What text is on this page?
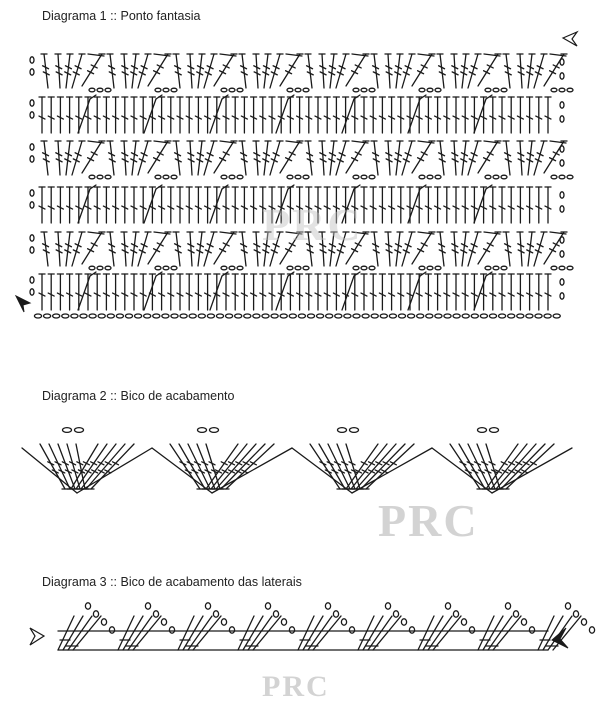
Diagrama 1 :: Ponto fantasia
Diagrama 2 :: Bico de acabamento
Diagrama 3 :: Bico de acabamento das laterais
PRC
PRC
PRC
